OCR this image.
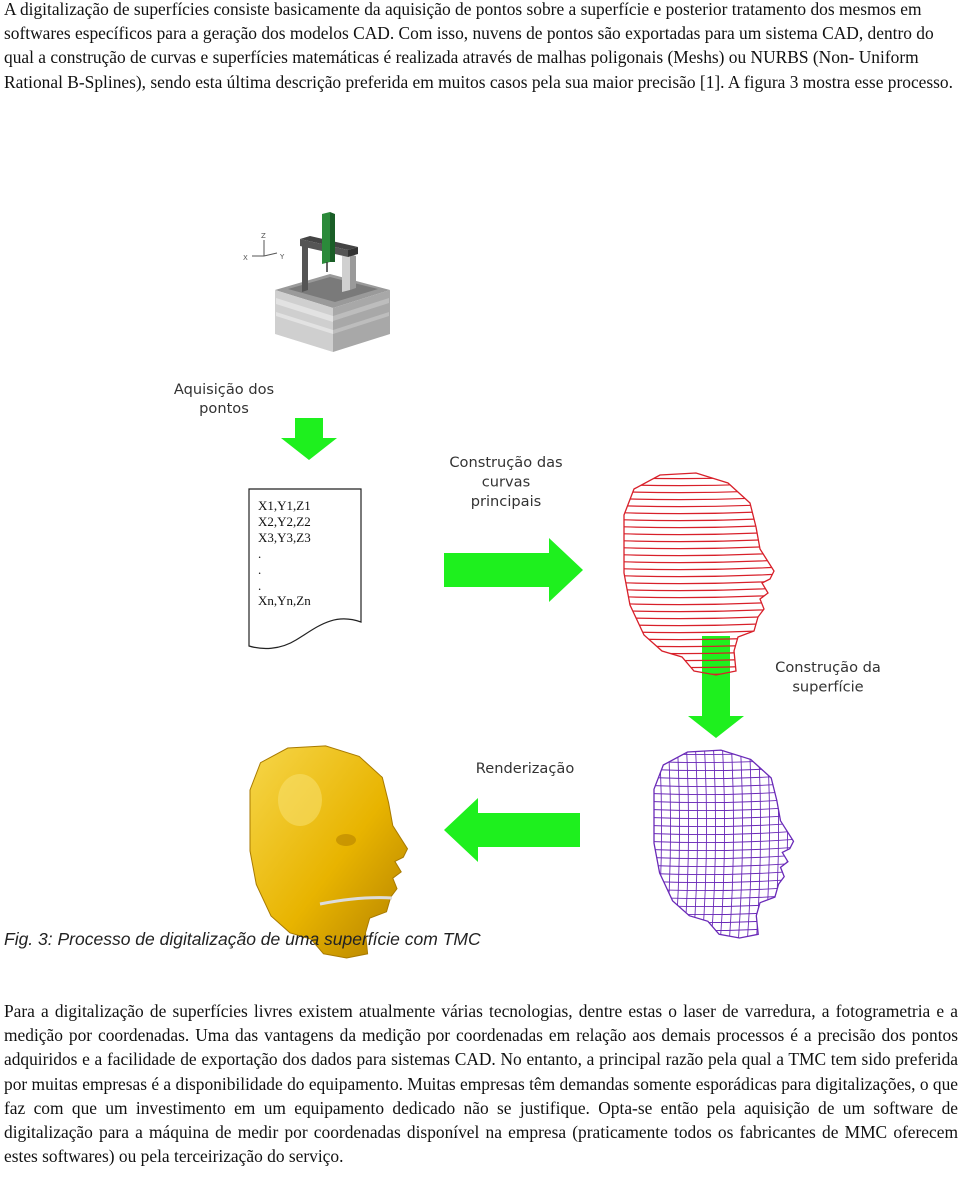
A digitalização de superfícies consiste basicamente da aquisição de pontos sobre a superfície e posterior tratamento dos mesmos em softwares específicos para a geração dos modelos CAD. Com isso, nuvens de pontos são exportadas para um sistema CAD, dentro do qual a construção de curvas e superfícies matemáticas é realizada através de malhas poligonais (Meshs) ou NURBS (Non- Uniform Rational B-Splines), sendo esta última descrição preferida em muitos casos pela sua maior precisão [1]. A figura 3 mostra esse processo.

Z
X	Y
Aquisição dos pontos
Construção das curvas principais
Construção da superfície
Renderização
X1,Y1,Z1 X2,Y2,Z2 X3,Y3,Z3 . . . Xn,Yn,Zn
Fig. 3: Processo de digitalização de uma superfície com TMC

Para a digitalização de superfícies livres existem atualmente várias tecnologias, dentre estas o laser de varredura, a fotogrametria e a medição por coordenadas. Uma das vantagens da medição por coordenadas em relação aos demais processos é a precisão dos pontos adquiridos e a facilidade de exportação dos dados para sistemas CAD. No entanto, a principal razão pela qual a TMC tem sido preferida por muitas empresas é a disponibilidade do equipamento. Muitas empresas têm demandas somente esporádicas para digitalizações, o que faz com que um investimento em um equipamento dedicado não se justifique. Opta-se então pela aquisição de um software de digitalização para a máquina de medir por coordenadas disponível na empresa (praticamente todos os fabricantes de MMC oferecem estes softwares) ou pela terceirização do serviço.
